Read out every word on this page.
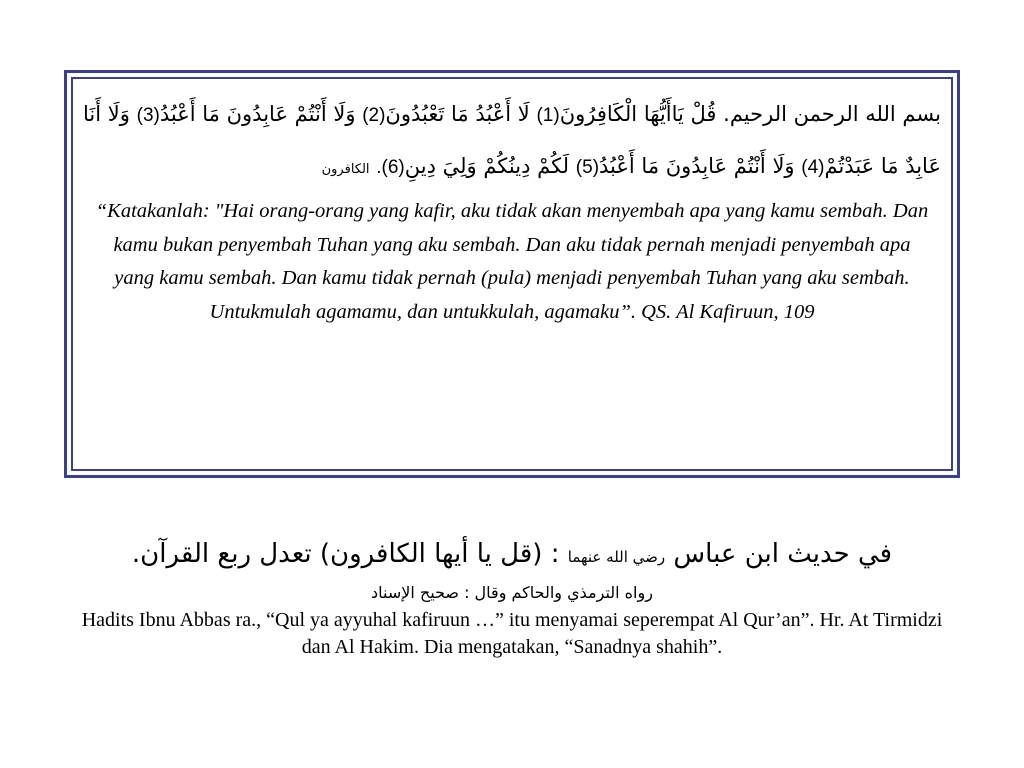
بسم الله الرحمن الرحيم. قُلْ يَاأَيُّهَا الْكَافِرُونَ(1) لَا أَعْبُدُ مَا تَعْبُدُونَ(2) وَلَا أَنْتُمْ عَابِدُونَ مَا أَعْبُدُ(3) وَلَا أَنَا عَابِدٌ مَا عَبَدْتُمْ(4) وَلَا أَنْتُمْ عَابِدُونَ مَا أَعْبُدُ(5) لَكُمْ دِينُكُمْ وَلِيَ دِينِ(6). الكافرون

“Katakanlah: "Hai orang-orang yang kafir, aku tidak akan menyembah apa yang kamu sembah. Dan kamu bukan penyembah Tuhan yang aku sembah. Dan aku tidak pernah menjadi penyembah apa yang kamu sembah. Dan kamu tidak pernah (pula) menjadi penyembah Tuhan yang aku sembah. Untukmulah agamamu, dan untukkulah, agamaku”. QS. Al Kafiruun, 109

في حديث ابن عباس رضي الله عنهما : (قل يا أيها الكافرون) تعدل ربع القرآن.

رواه الترمذي والحاكم وقال : صحيح الإسناد

Hadits Ibnu Abbas ra., “Qul ya ayyuhal kafiruun …” itu menyamai seperempat Al Qur’an”. Hr. At Tirmidzi dan Al Hakim. Dia mengatakan, “Sanadnya shahih”.
